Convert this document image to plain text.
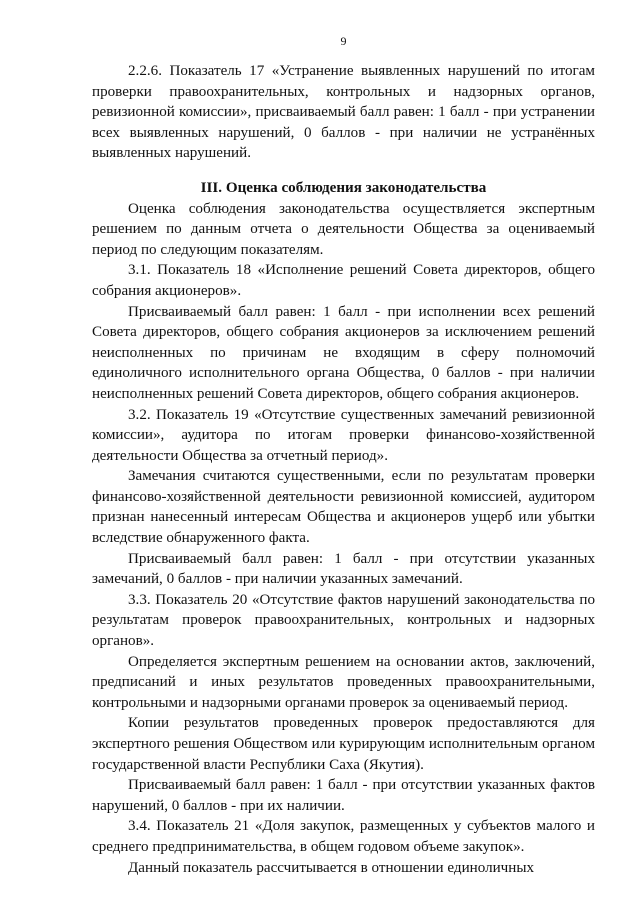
9

2.2.6. Показатель 17 «Устранение выявленных нарушений по итогам проверки правоохранительных, контрольных и надзорных органов, ревизионной комиссии», присваиваемый балл равен: 1 балл - при устранении всех выявленных нарушений, 0 баллов - при наличии не устранённых выявленных нарушений.

III. Оценка соблюдения законодательства

Оценка соблюдения законодательства осуществляется экспертным решением по данным отчета о деятельности Общества за оцениваемый период по следующим показателям.

3.1. Показатель 18 «Исполнение решений Совета директоров, общего собрания акционеров».

Присваиваемый балл равен: 1 балл - при исполнении всех решений Совета директоров, общего собрания акционеров за исключением решений неисполненных по причинам не входящим в сферу полномочий единоличного исполнительного органа Общества, 0 баллов - при наличии неисполненных решений Совета директоров, общего собрания акционеров.

3.2. Показатель 19 «Отсутствие существенных замечаний ревизионной комиссии», аудитора по итогам проверки финансово-хозяйственной деятельности Общества за отчетный период».

Замечания считаются существенными, если по результатам проверки финансово-хозяйственной деятельности ревизионной комиссией, аудитором признан нанесенный интересам Общества и акционеров ущерб или убытки вследствие обнаруженного факта.

Присваиваемый балл равен: 1 балл - при отсутствии указанных замечаний, 0 баллов - при наличии указанных замечаний.

3.3. Показатель 20 «Отсутствие фактов нарушений законодательства по результатам проверок правоохранительных, контрольных и надзорных органов».

Определяется экспертным решением на основании актов, заключений, предписаний и иных результатов проведенных правоохранительными, контрольными и надзорными органами проверок за оцениваемый период.

Копии результатов проведенных проверок предоставляются для экспертного решения Обществом или курирующим исполнительным органом государственной власти Республики Саха (Якутия).

Присваиваемый балл равен: 1 балл - при отсутствии указанных фактов нарушений, 0 баллов - при их наличии.

3.4. Показатель 21 «Доля закупок, размещенных у субъектов малого и среднего предпринимательства, в общем годовом объеме закупок».

Данный показатель рассчитывается в отношении единоличных
